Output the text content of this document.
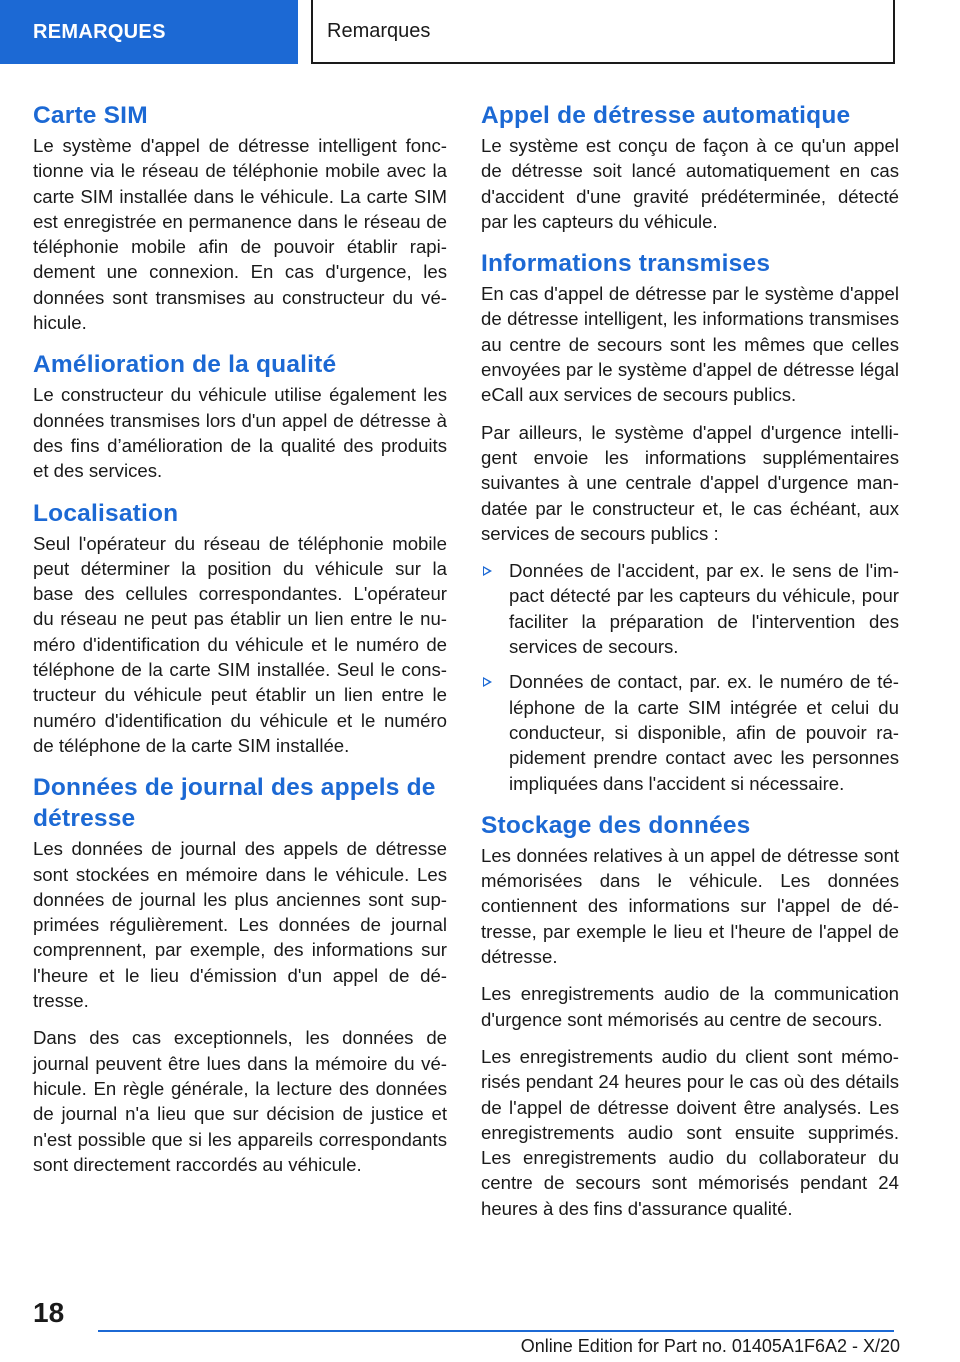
REMARQUES	Remarques
Carte SIM

Le système d'appel de détresse intelligent fonctionne via le réseau de téléphonie mobile avec la carte SIM installée dans le véhicule. La carte SIM est enregistrée en permanence dans le réseau de téléphonie mobile afin de pouvoir établir rapidement une connexion. En cas d'urgence, les données sont transmises au constructeur du véhicule.

Amélioration de la qualité

Le constructeur du véhicule utilise également les données transmises lors d'un appel de détresse à des fins d’amélioration de la qualité des produits et des services.

Localisation

Seul l'opérateur du réseau de téléphonie mobile peut déterminer la position du véhicule sur la base des cellules correspondantes. L'opérateur du réseau ne peut pas établir un lien entre le numéro d'identification du véhicule et le numéro de téléphone de la carte SIM installée. Seul le constructeur du véhicule peut établir un lien entre le numéro d'identification du véhicule et le numéro de téléphone de la carte SIM installée.

Données de journal des appels de détresse

Les données de journal des appels de détresse sont stockées en mémoire dans le véhicule. Les données de journal les plus anciennes sont supprimées régulièrement. Les données de journal comprennent, par exemple, des informations sur l'heure et le lieu d'émission d'un appel de détresse.

Dans des cas exceptionnels, les données de journal peuvent être lues dans la mémoire du véhicule. En règle générale, la lecture des données de journal n'a lieu que sur décision de justice et n'est possible que si les appareils correspondants sont directement raccordés au véhicule.

Appel de détresse automatique

Le système est conçu de façon à ce qu'un appel de détresse soit lancé automatiquement en cas d'accident d'une gravité prédéterminée, détecté par les capteurs du véhicule.

Informations transmises

En cas d'appel de détresse par le système d'appel de détresse intelligent, les informations transmises au centre de secours sont les mêmes que celles envoyées par le système d'appel de détresse légal eCall aux services de secours publics.

Par ailleurs, le système d'appel d'urgence intelligent envoie les informations supplémentaires suivantes à une centrale d'appel d'urgence mandatée par le constructeur et, le cas échéant, aux services de secours publics :

Données de l'accident, par ex. le sens de l'impact détecté par les capteurs du véhicule, pour faciliter la préparation de l'intervention des services de secours.
Données de contact, par. ex. le numéro de téléphone de la carte SIM intégrée et celui du conducteur, si disponible, afin de pouvoir rapidement prendre contact avec les personnes impliquées dans l'accident si nécessaire.
Stockage des données

Les données relatives à un appel de détresse sont mémorisées dans le véhicule. Les données contiennent des informations sur l'appel de détresse, par exemple le lieu et l'heure de l'appel de détresse.

Les enregistrements audio de la communication d'urgence sont mémorisés au centre de secours.

Les enregistrements audio du client sont mémorisés pendant 24 heures pour le cas où des détails de l'appel de détresse doivent être analysés. Les enregistrements audio sont ensuite supprimés. Les enregistrements audio du collaborateur du centre de secours sont mémorisés pendant 24 heures à des fins d'assurance qualité.

18
Online Edition for Part no. 01405A1F6A2 - X/20
